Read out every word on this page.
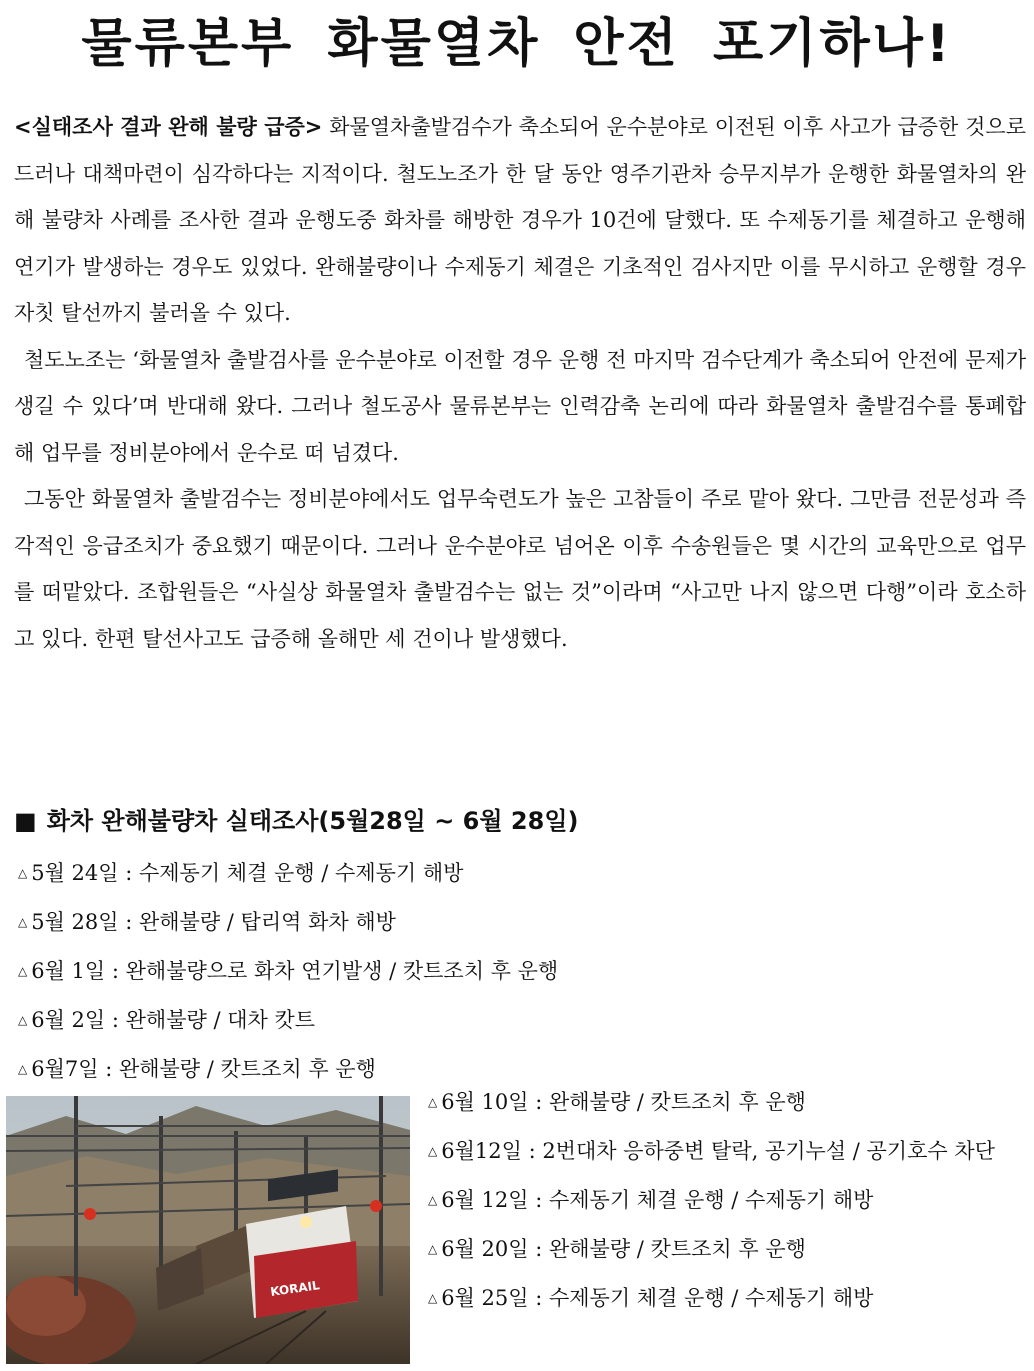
물류본부 화물열차 안전 포기하나!

<실태조사 결과 완해 불량 급증> 화물열차출발검수가 축소되어 운수분야로 이전된 이후 사고가 급증한 것으로 드러나 대책마련이 심각하다는 지적이다. 철도노조가 한 달 동안 영주기관차 승무지부가 운행한 화물열차의 완해 불량차 사례를 조사한 결과 운행도중 화차를 해방한 경우가 10건에 달했다. 또 수제동기를 체결하고 운행해 연기가 발생하는 경우도 있었다. 완해불량이나 수제동기 체결은 기초적인 검사지만 이를 무시하고 운행할 경우 자칫 탈선까지 불러올 수 있다.

철도노조는 ‘화물열차 출발검사를 운수분야로 이전할 경우 운행 전 마지막 검수단계가 축소되어 안전에 문제가 생길 수 있다’며 반대해 왔다. 그러나 철도공사 물류본부는 인력감축 논리에 따라 화물열차 출발검수를 통폐합해 업무를 정비분야에서 운수로 떠 넘겼다.

그동안 화물열차 출발검수는 정비분야에서도 업무숙련도가 높은 고참들이 주로 맡아 왔다. 그만큼 전문성과 즉각적인 응급조치가 중요했기 때문이다. 그러나 운수분야로 넘어온 이후 수송원들은 몇 시간의 교육만으로 업무를 떠맡았다. 조합원들은 “사실상 화물열차 출발검수는 없는 것”이라며 “사고만 나지 않으면 다행”이라 호소하고 있다. 한편 탈선사고도 급증해 올해만 세 건이나 발생했다.

■ 화차 완해불량차 실태조사(5월28일 ~ 6월 28일)
△ 5월 24일 : 수제동기 체결 운행 / 수제동기 해방
△ 5월 28일 : 완해불량 / 탑리역 화차 해방
△ 6월 1일 : 완해불량으로 화차 연기발생 / 캇트조치 후 운행
△ 6월 2일 : 완해불량 / 대차 캇트
△ 6월7일 : 완해불량 / 캇트조치 후 운행
KORAIL
△ 6월 10일 : 완해불량 / 캇트조치 후 운행
△ 6월12일 : 2번대차 응하중변 탈락, 공기누설 / 공기호수 차단
△ 6월 12일 : 수제동기 체결 운행 / 수제동기 해방
△ 6월 20일 : 완해불량 / 캇트조치 후 운행
△ 6월 25일 : 수제동기 체결 운행 / 수제동기 해방
